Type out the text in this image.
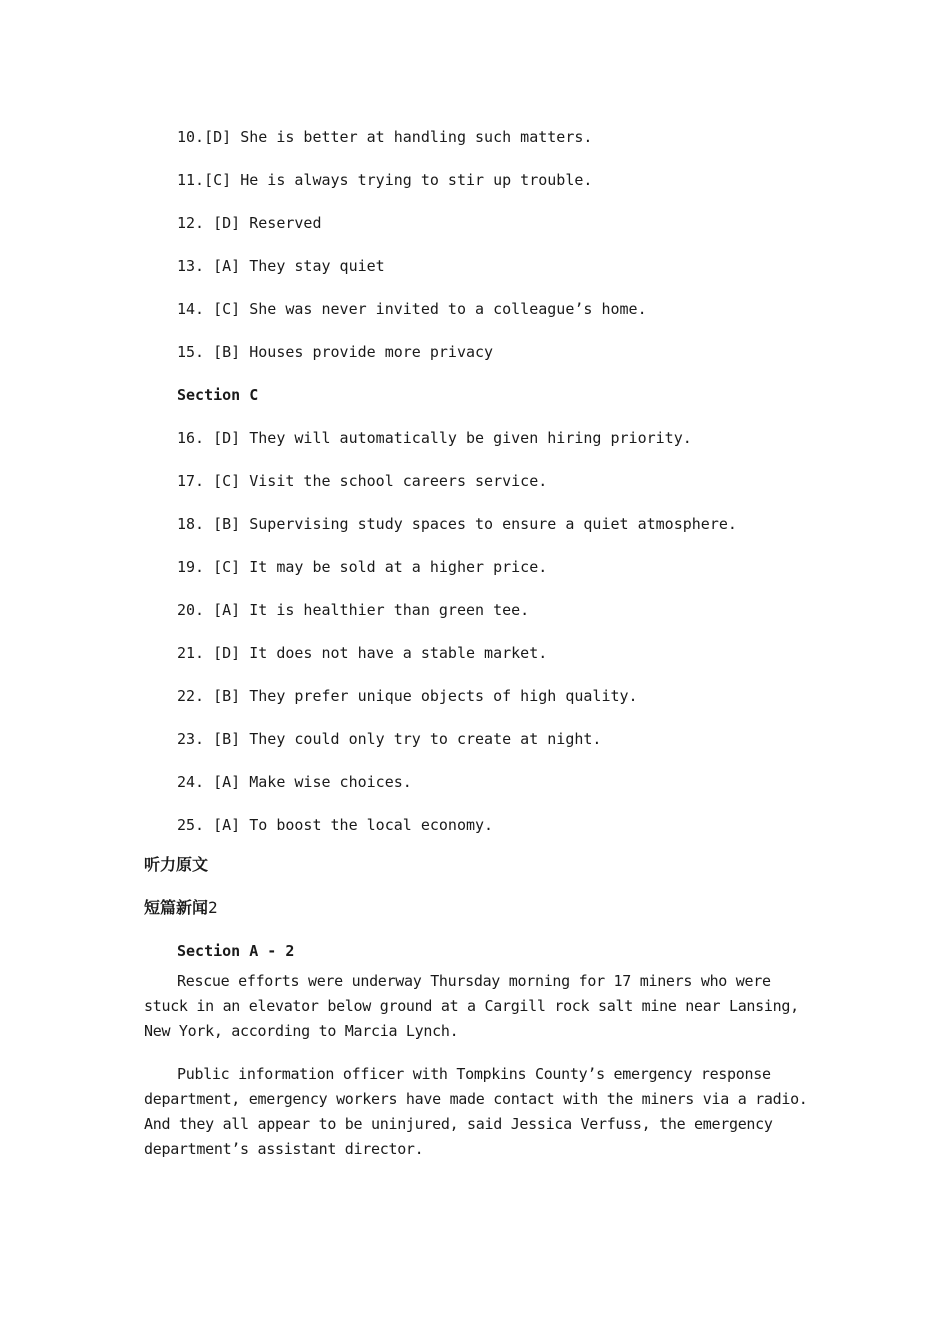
10.[D] She is better at handling such matters.
11.[C] He is always trying to stir up trouble.
12. [D] Reserved
13. [A] They stay quiet
14. [C] She was never invited to a colleague’s home.
15. [B] Houses provide more privacy
Section C
16. [D] They will automatically be given hiring priority.
17. [C] Visit the school careers service.
18. [B] Supervising study spaces to ensure a quiet atmosphere.
19. [C] It may be sold at a higher price.
20. [A] It is healthier than green tee.
21. [D] It does not have a stable market.
22. [B] They prefer unique objects of high quality.
23. [B] They could only try to create at night.
24. [A] Make wise choices.
25. [A] To boost the local economy.
听力原文
短篇新闻2
Section A - 2

Rescue efforts were underway Thursday morning for 17 miners who were stuck in an elevator below ground at a Cargill rock salt mine near Lansing, New York, according to Marcia Lynch.

Public information officer with Tompkins County’s emergency response department, emergency workers have made contact with the miners via a radio. And they all appear to be uninjured, said Jessica Verfuss, the emergency department’s assistant director.
